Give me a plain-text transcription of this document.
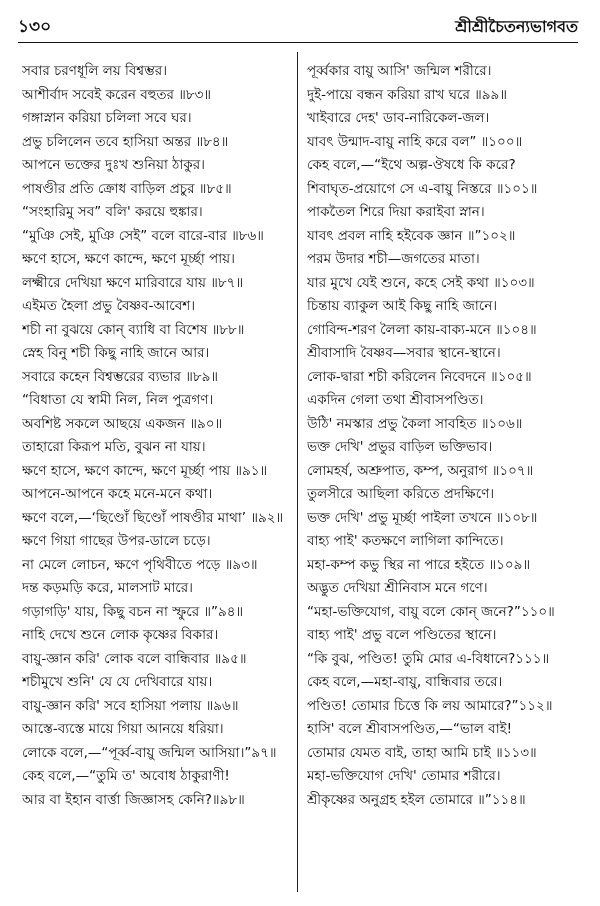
১৩০	শ্রীশ্রীচৈতন্যভাগবত
সবার চরণধূলি লয় বিশ্বম্ভর।
আশীর্বাদ সবেই করেন বহুতর ॥৮৩॥
গঙ্গাস্নান করিয়া চলিলা সবে ঘর।
প্রভু চলিলেন তবে হাসিয়া অন্তর ॥৮৪॥
আপনে ভক্তের দুঃখ শুনিয়া ঠাকুর।
পাষণ্ডীর প্রতি ক্রোধ বাড়িল প্রচুর ॥৮৫॥
“সংহারিমু সব” বলি' করয়ে হুঙ্কার।
“মুঞি সেই, মুঞি সেই” বলে বারে-বার ॥৮৬॥
ক্ষণে হাসে, ক্ষণে কান্দে, ক্ষণে মূর্চ্ছা পায়।
লক্ষ্মীরে দেখিয়া ক্ষণে মারিবারে যায় ॥৮৭॥
এইমত হৈলা প্রভু বৈষ্ণব-আবেশ।
শচী না বুঝয়ে কোন্ ব্যাধি বা বিশেষ ॥৮৮॥
স্নেহ বিনু শচী কিছু নাহি জানে আর।
সবারে কহেন বিশ্বম্ভরের ব্যভার ॥৮৯॥
“বিধাতা যে স্বামী নিল, নিল পুত্রগণ।
অবশিষ্ট সকলে আছয়ে একজন ॥৯০॥
তাহারো কিরূপ মতি, বুঝন না যায়।
ক্ষণে হাসে, ক্ষণে কান্দে, ক্ষণে মূর্চ্ছা পায় ॥৯১॥
আপনে-আপনে কহে মনে-মনে কথা।
ক্ষণে বলে,—‘ছিণ্ডোঁ ছিণ্ডোঁ পাষণ্ডীর মাথা’ ॥৯২॥
ক্ষণে গিয়া গাছের উপর-ডালে চড়ে।
না মেলে লোচন, ক্ষণে পৃথিবীতে পড়ে ॥৯৩॥
দন্ত কড়মড়ি করে, মালসাট মারে।
গড়াগড়ি' যায়, কিছু বচন না স্ফুরে ॥”৯৪॥
নাহি দেখে শুনে লোক কৃষ্ণের বিকার।
বায়ু-জ্ঞান করি' লোক বলে বান্ধিবার ॥৯৫॥
শচীমুখে শুনি' যে যে দেখিবারে যায়।
বায়ু-জ্ঞান করি' সবে হাসিয়া পলায় ॥৯৬॥
আস্তে-ব্যস্তে মায়ে গিয়া আনয়ে ধরিয়া।
লোকে বলে,—“পূর্ব্ব-বায়ু জন্মিল আসিয়া।”৯৭॥
কেহ বলে,—“তুমি ত' অবোধ ঠাকুরাণী!
আর বা ইহান বার্ত্তা জিজ্ঞাসহ কেনি?॥৯৮॥
পূর্ব্বকার বায়ু আসি' জন্মিল শরীরে।
দুই-পায়ে বন্ধন করিয়া রাখ ঘরে ॥৯৯॥
খাইবারে দেহ' ডাব-নারিকেল-জল।
যাবৎ উন্মাদ-বায়ু নাহি করে বল” ॥১০০॥
কেহ বলে,—“ইথে অল্প-ঔষধে কি করে?
শিবাঘৃত-প্রয়োগে সে এ-বায়ু নিস্তরে ॥১০১॥
পাকতৈল শিরে দিয়া করাইবা স্নান।
যাবৎ প্রবল নাহি হইবেক জ্ঞান ॥”১০২॥
পরম উদার শচী—জগতের মাতা।
যার মুখে যেই শুনে, কহে সেই কথা ॥১০৩॥
চিন্তায় ব্যাকুল আই কিছু নাহি জানে।
গোবিন্দ-শরণ লৈলা কায়-বাক্য-মনে ॥১০৪॥
শ্রীবাসাদি বৈষ্ণব—সবার স্থানে-স্থানে।
লোক-দ্বারা শচী করিলেন নিবেদনে ॥১০৫॥
একদিন গেলা তথা শ্রীবাসপণ্ডিত।
উঠি' নমস্কার প্রভু কৈলা সাবহিত ॥১০৬॥
ভক্ত দেখি' প্রভুর বাড়িল ভক্তিভাব।
লোমহর্ষ, অশ্রুপাত, কম্প, অনুরাগ ॥১০৭॥
তুলসীরে আছিলা করিতে প্রদক্ষিণে।
ভক্ত দেখি' প্রভু মূর্চ্ছা পাইলা তখনে ॥১০৮॥
বাহ্য পাই' কতক্ষণে লাগিলা কান্দিতে।
মহা-কম্প কভু স্থির না পারে হইতে ॥১০৯॥
অদ্ভুত দেখিয়া শ্রীনিবাস মনে গণে।
“মহা-ভক্তিযোগ, বায়ু বলে কোন্ জনে?”১১০॥
বাহ্য পাই' প্রভু বলে পণ্ডিতের স্থানে।
“কি বুঝ, পণ্ডিত! তুমি মোর এ-বিধানে?১১১॥
কেহ বলে,—মহা-বায়ু, বান্ধিবার তরে।
পণ্ডিত! তোমার চিত্তে কি লয় আমারে?”১১২॥
হাসি' বলে শ্রীবাসপণ্ডিত,—“ভাল বাই!
তোমার যেমত বাই, তাহা আমি চাই ॥১১৩॥
মহা-ভক্তিযোগ দেখি' তোমার শরীরে।
শ্রীকৃষ্ণের অনুগ্রহ হইল তোমারে ॥”১১৪॥
